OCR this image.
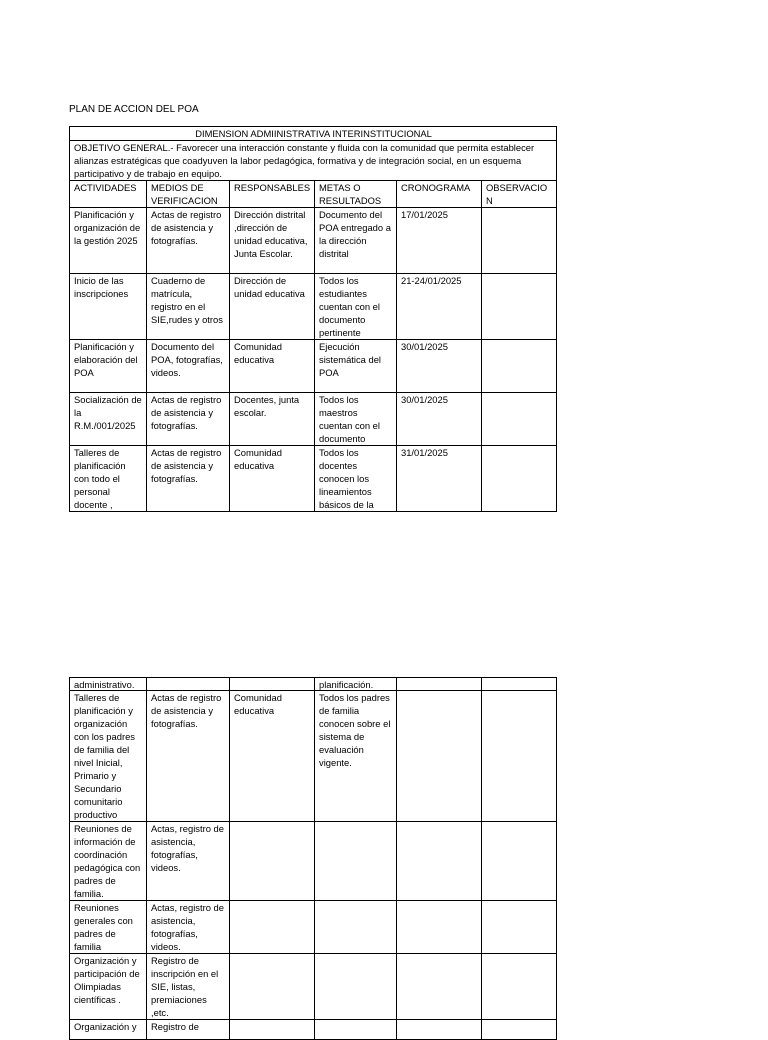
PLAN DE ACCION DEL POA
DIMENSION ADMIINISTRATIVA INTERINSTITUCIONAL					
OBJETIVO GENERAL.- Favorecer una interacción constante y fluida con la comunidad que permita establecer alianzas estratégicas que coadyuven la labor pedagógica, formativa y de integración social, en un esquema participativo y de trabajo en equipo.					
ACTIVIDADES	MEDIOS DE VERIFICACION	RESPONSABLES	METAS O RESULTADOS	CRONOGRAMA	OBSERVACION

Planificación y organización de la gestión 2025	Actas de registro de asistencia y fotografías.	Dirección distrital ,dirección de unidad educativa, Junta Escolar.	Documento del POA entregado a la dirección distrital	17/01/2025	

Inicio de las inscripciones	Cuaderno de matrícula, registro en el SIE,rudes y otros	Dirección de unidad educativa	Todos los estudiantes cuentan con el documento pertinente	21-24/01/2025	

Planificación y elaboración del POA	Documento del POA, fotografías, videos.	Comunidad educativa	Ejecución sistemática del POA	30/01/2025	

Socialización de la R.M./001/2025	Actas de registro de asistencia y fotografías.	Docentes, junta escolar.	Todos los maestros cuentan con el documento	30/01/2025	

Talleres de planificación con todo el personal docente ,	Actas de registro de asistencia y fotografías.	Comunidad educativa	Todos los docentes conocen los lineamientos básicos de la	31/01/2025	

administrativo.			planificación.		

Talleres de planificación y organización con los padres de familia del nivel Inicial, Primario y Secundario comunitario productivo	Actas de registro de asistencia y fotografías.	Comunidad educativa	Todos los padres de familia conocen sobre el sistema de evaluación vigente.		

Reuniones de información de coordinación pedagógica con padres de familia.	Actas, registro de asistencia, fotografías, videos.				

Reuniones generales con padres de familia	Actas, registro de asistencia, fotografías, videos.				

Organización y participación de Olimpiadas científicas .	Registro de inscripción en el SIE, listas, premiaciones ,etc.				

Organización y	Registro de				
